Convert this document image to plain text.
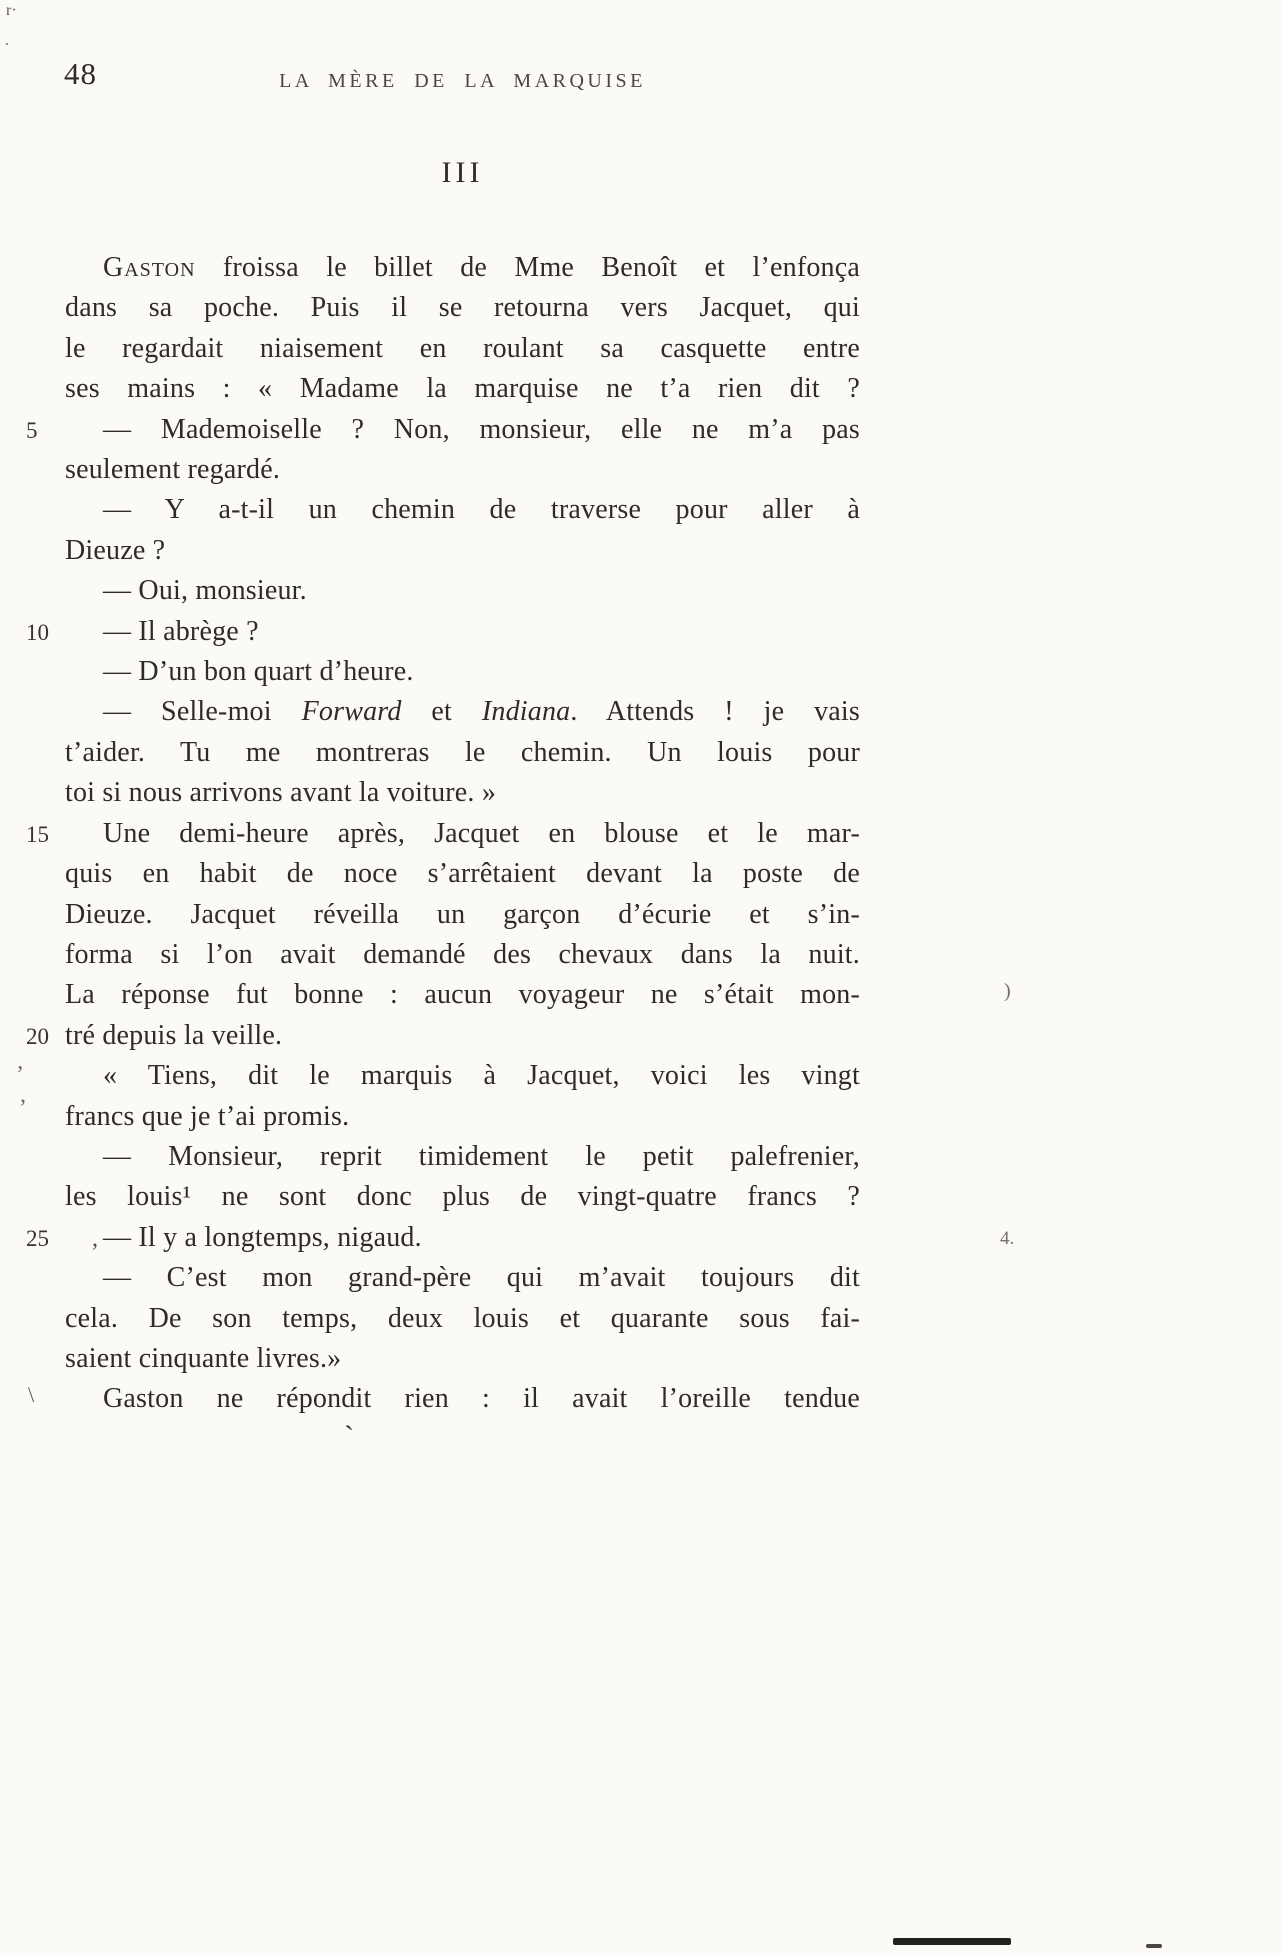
48	LA MÈRE DE LA MARQUISE
III
Gaston froissa le billet de Mme Benoît et l’enfonça
dans sa poche. Puis il se retourna vers Jacquet, qui
le regardait niaisement en roulant sa casquette entre
ses mains : « Madame la marquise ne t’a rien dit ?
— Mademoiselle ? Non, monsieur, elle ne m’a pas
seulement regardé.
— Y a-t-il un chemin de traverse pour aller à
Dieuze ?
— Oui, monsieur.
— Il abrège ?
— D’un bon quart d’heure.
— Selle-moi Forward et Indiana. Attends ! je vais
t’aider. Tu me montreras le chemin. Un louis pour
toi si nous arrivons avant la voiture. »
Une demi-heure après, Jacquet en blouse et le mar-
quis en habit de noce s’arrêtaient devant la poste de
Dieuze. Jacquet réveilla un garçon d’écurie et s’in-
forma si l’on avait demandé des chevaux dans la nuit.
La réponse fut bonne : aucun voyageur ne s’était mon-
tré depuis la veille.
« Tiens, dit le marquis à Jacquet, voici les vingt
francs que je t’ai promis.
— Monsieur, reprit timidement le petit palefrenier,
les louis¹ ne sont donc plus de vingt-quatre francs ?
— Il y a longtemps, nigaud.
— C’est mon grand-père qui m’avait toujours dit
cela. De son temps, deux louis et quarante sous fai-
saient cinquante livres.»
Gaston ne répondit rien : il avait l’oreille tendue
5
10
15
20
25
r·
·
)
’
,
,	4.
\
`
